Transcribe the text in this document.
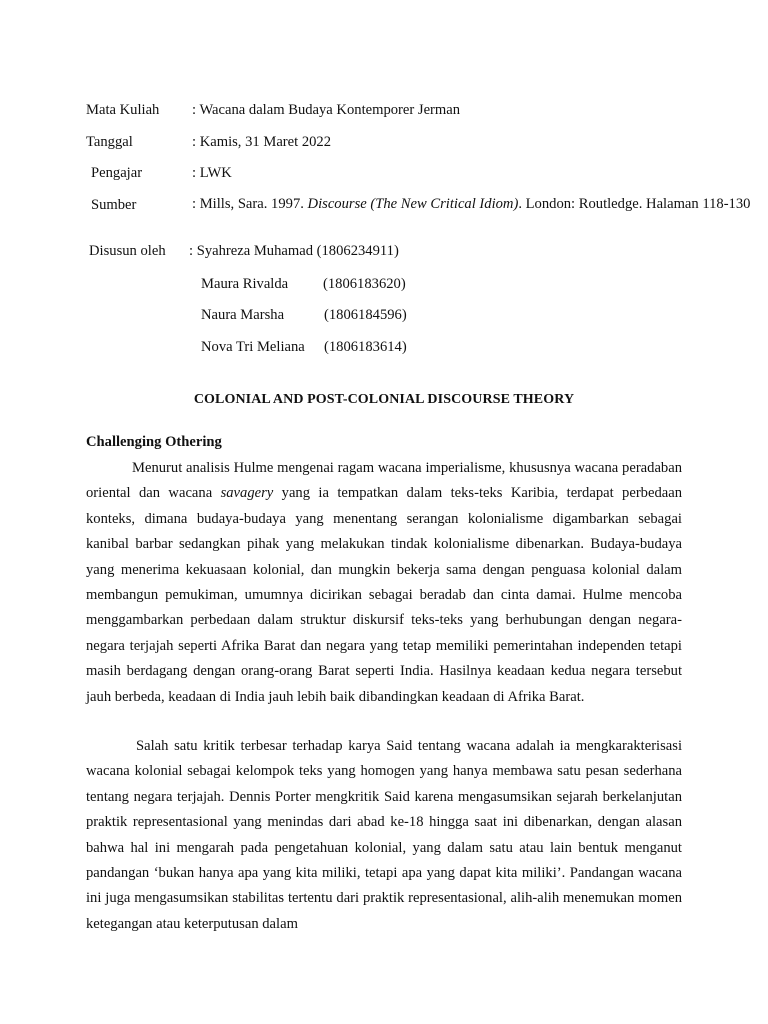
Mata Kuliah : Wacana dalam Budaya Kontemporer Jerman
Tanggal	: Kamis, 31 Maret 2022
Pengajar	: LWK
Sumber	: Mills, Sara. 1997. Discourse (The New Critical Idiom). London: Routledge. Halaman 118-130
Disusun oleh : Syahreza Muhamad (1806234911)
Maura Rivalda (1806183620)
Naura Marsha	(1806184596)
Nova Tri Meliana (1806183614)
COLONIAL AND POST-COLONIAL DISCOURSE THEORY
Challenging Othering

Menurut analisis Hulme mengenai ragam wacana imperialisme, khususnya wacana peradaban oriental dan wacana savagery yang ia tempatkan dalam teks-teks Karibia, terdapat perbedaan konteks, dimana budaya-budaya yang menentang serangan kolonialisme digambarkan sebagai kanibal barbar sedangkan pihak yang melakukan tindak kolonialisme dibenarkan. Budaya-budaya yang menerima kekuasaan kolonial, dan mungkin bekerja sama dengan penguasa kolonial dalam membangun pemukiman, umumnya dicirikan sebagai beradab dan cinta damai. Hulme mencoba menggambarkan perbedaan dalam struktur diskursif teks-teks yang berhubungan dengan negara-negara terjajah seperti Afrika Barat dan negara yang tetap memiliki pemerintahan independen tetapi masih berdagang dengan orang-orang Barat seperti India. Hasilnya keadaan kedua negara tersebut jauh berbeda, keadaan di India jauh lebih baik dibandingkan keadaan di Afrika Barat.

Salah satu kritik terbesar terhadap karya Said tentang wacana adalah ia mengkarakterisasi wacana kolonial sebagai kelompok teks yang homogen yang hanya membawa satu pesan sederhana tentang negara terjajah. Dennis Porter mengkritik Said karena mengasumsikan sejarah berkelanjutan praktik representasional yang menindas dari abad ke-18 hingga saat ini dibenarkan, dengan alasan bahwa hal ini mengarah pada pengetahuan kolonial, yang dalam satu atau lain bentuk menganut pandangan ‘bukan hanya apa yang kita miliki, tetapi apa yang dapat kita miliki’. Pandangan wacana ini juga mengasumsikan stabilitas tertentu dari praktik representasional, alih-alih menemukan momen ketegangan atau keterputusan dalam
